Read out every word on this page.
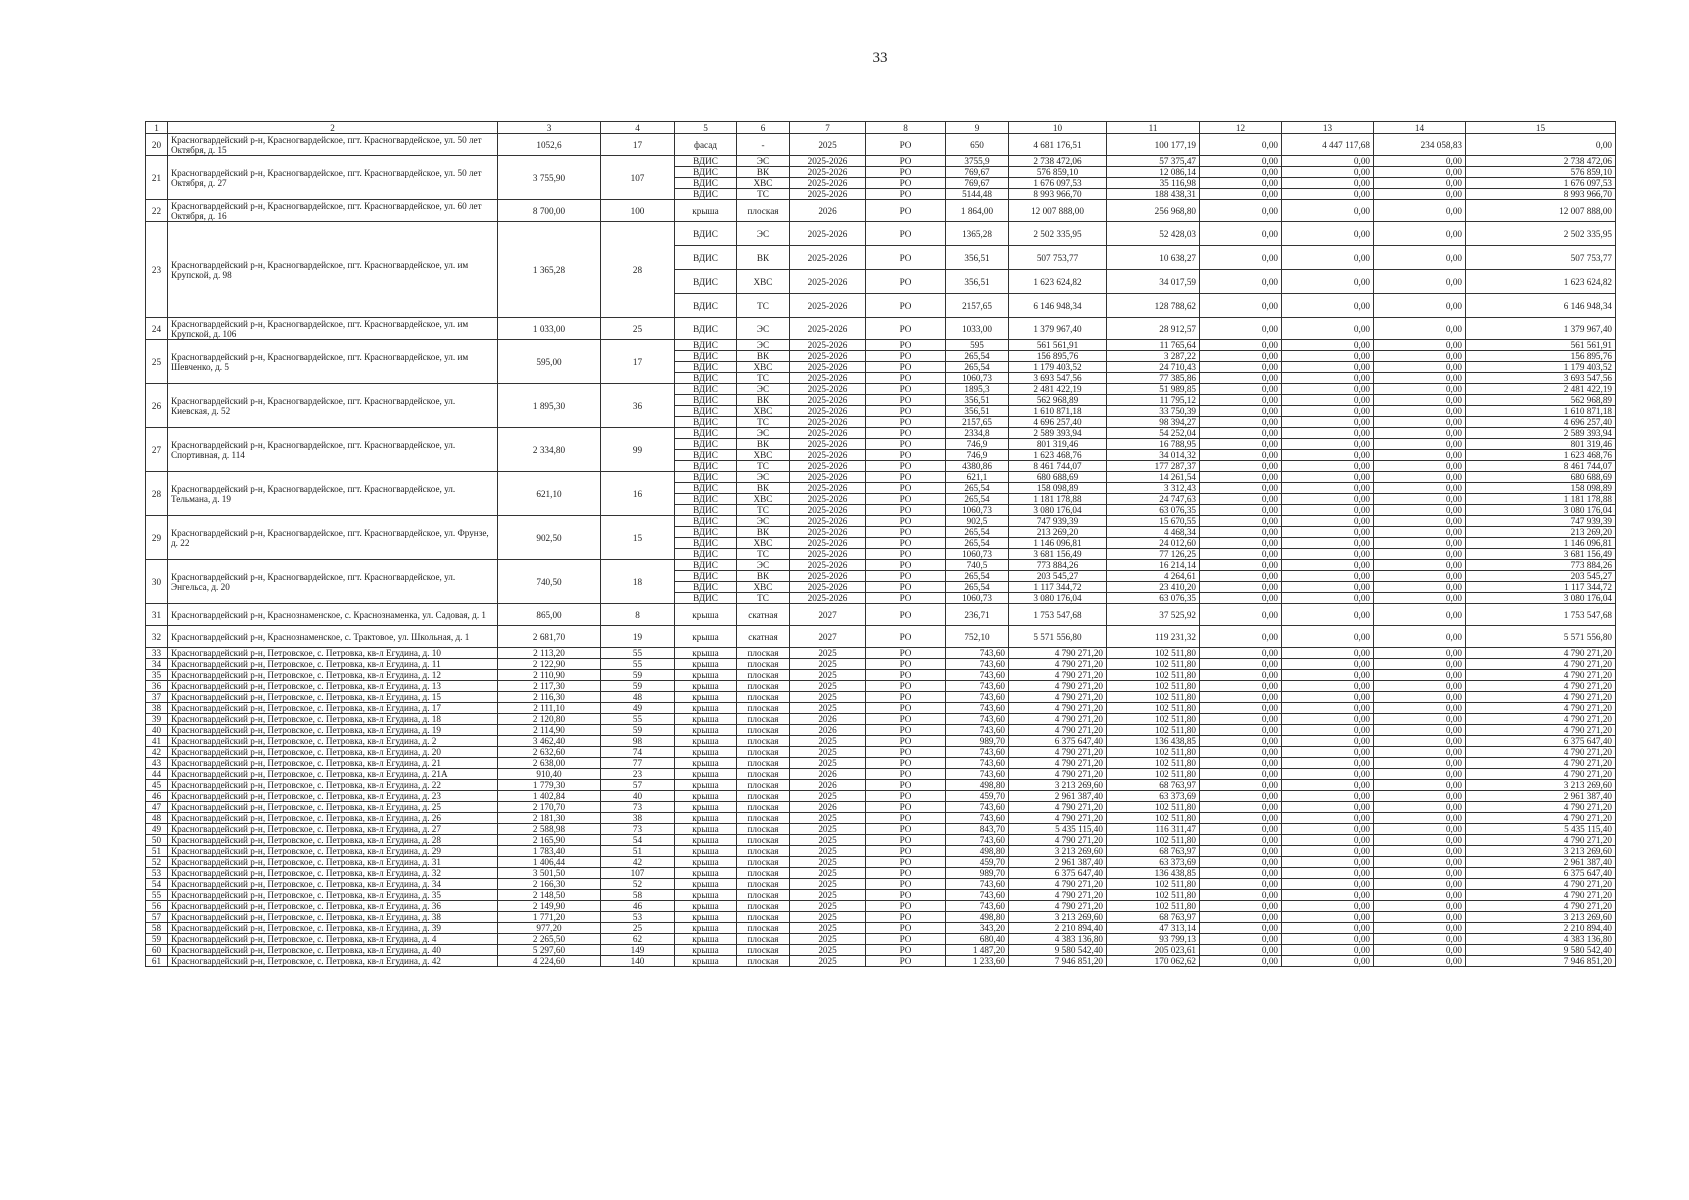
33
1	2	3	4	5	6	7	8	9	10	11	12	13	14	15
20	Красногвардейский р-н, Красногвардейское, пгт. Красногвардейское, ул. 50 лет Октября, д. 15	1052,6	17	фасад	-	2025	РО	650	4 681 176,51	100 177,19	0,00	4 447 117,68	234 058,83	0,00
21	Красногвардейский р-н, Красногвардейское, пгт. Красногвардейское, ул. 50 лет Октября, д. 27	3 755,90	107	ВДИС	ЭС	2025-2026	РО	3755,9	2 738 472,06	57 375,47	0,00	0,00	0,00	2 738 472,06
				ВДИС	ВК	2025-2026	РО	769,67	576 859,10	12 086,14	0,00	0,00	0,00	576 859,10
				ВДИС	ХВС	2025-2026	РО	769,67	1 676 097,53	35 116,98	0,00	0,00	0,00	1 676 097,53
				ВДИС	ТС	2025-2026	РО	5144,48	8 993 966,70	188 438,31	0,00	0,00	0,00	8 993 966,70
22	Красногвардейский р-н, Красногвардейское, пгт. Красногвардейское, ул. 60 лет Октября, д. 16	8 700,00	100	крыша	плоская	2026	РО	1 864,00	12 007 888,00	256 968,80	0,00	0,00	0,00	12 007 888,00
23	Красногвардейский р-н, Красногвардейское, пгт. Красногвардейское, ул. им Крупской, д. 98	1 365,28	28	ВДИС	ЭС	2025-2026	РО	1365,28	2 502 335,95	52 428,03	0,00	0,00	0,00	2 502 335,95
				ВДИС	ВК	2025-2026	РО	356,51	507 753,77	10 638,27	0,00	0,00	0,00	507 753,77
				ВДИС	ХВС	2025-2026	РО	356,51	1 623 624,82	34 017,59	0,00	0,00	0,00	1 623 624,82
				ВДИС	ТС	2025-2026	РО	2157,65	6 146 948,34	128 788,62	0,00	0,00	0,00	6 146 948,34
24	Красногвардейский р-н, Красногвардейское, пгт. Красногвардейское, ул. им Крупской, д. 106	1 033,00	25	ВДИС	ЭС	2025-2026	РО	1033,00	1 379 967,40	28 912,57	0,00	0,00	0,00	1 379 967,40
25	Красногвардейский р-н, Красногвардейское, пгт. Красногвардейское, ул. им Шевченко, д. 5	595,00	17	ВДИС	ЭС	2025-2026	РО	595	561 561,91	11 765,64	0,00	0,00	0,00	561 561,91
				ВДИС	ВК	2025-2026	РО	265,54	156 895,76	3 287,22	0,00	0,00	0,00	156 895,76
				ВДИС	ХВС	2025-2026	РО	265,54	1 179 403,52	24 710,43	0,00	0,00	0,00	1 179 403,52
				ВДИС	ТС	2025-2026	РО	1060,73	3 693 547,56	77 385,86	0,00	0,00	0,00	3 693 547,56
26	Красногвардейский р-н, Красногвардейское, пгт. Красногвардейское, ул. Киевская, д. 52	1 895,30	36	ВДИС	ЭС	2025-2026	РО	1895,3	2 481 422,19	51 989,85	0,00	0,00	0,00	2 481 422,19
				ВДИС	ВК	2025-2026	РО	356,51	562 968,89	11 795,12	0,00	0,00	0,00	562 968,89
				ВДИС	ХВС	2025-2026	РО	356,51	1 610 871,18	33 750,39	0,00	0,00	0,00	1 610 871,18
				ВДИС	ТС	2025-2026	РО	2157,65	4 696 257,40	98 394,27	0,00	0,00	0,00	4 696 257,40
27	Красногвардейский р-н, Красногвардейское, пгт. Красногвардейское, ул. Спортивная, д. 114	2 334,80	99	ВДИС	ЭС	2025-2026	РО	2334,8	2 589 393,94	54 252,04	0,00	0,00	0,00	2 589 393,94
				ВДИС	ВК	2025-2026	РО	746,9	801 319,46	16 788,95	0,00	0,00	0,00	801 319,46
				ВДИС	ХВС	2025-2026	РО	746,9	1 623 468,76	34 014,32	0,00	0,00	0,00	1 623 468,76
				ВДИС	ТС	2025-2026	РО	4380,86	8 461 744,07	177 287,37	0,00	0,00	0,00	8 461 744,07
28	Красногвардейский р-н, Красногвардейское, пгт. Красногвардейское, ул. Тельмана, д. 19	621,10	16	ВДИС	ЭС	2025-2026	РО	621,1	680 688,69	14 261,54	0,00	0,00	0,00	680 688,69
				ВДИС	ВК	2025-2026	РО	265,54	158 098,89	3 312,43	0,00	0,00	0,00	158 098,89
				ВДИС	ХВС	2025-2026	РО	265,54	1 181 178,88	24 747,63	0,00	0,00	0,00	1 181 178,88
				ВДИС	ТС	2025-2026	РО	1060,73	3 080 176,04	63 076,35	0,00	0,00	0,00	3 080 176,04
29	Красногвардейский р-н, Красногвардейское, пгт. Красногвардейское, ул. Фрунзе, д. 22	902,50	15	ВДИС	ЭС	2025-2026	РО	902,5	747 939,39	15 670,55	0,00	0,00	0,00	747 939,39
				ВДИС	ВК	2025-2026	РО	265,54	213 269,20	4 468,34	0,00	0,00	0,00	213 269,20
				ВДИС	ХВС	2025-2026	РО	265,54	1 146 096,81	24 012,60	0,00	0,00	0,00	1 146 096,81
				ВДИС	ТС	2025-2026	РО	1060,73	3 681 156,49	77 126,25	0,00	0,00	0,00	3 681 156,49
30	Красногвардейский р-н, Красногвардейское, пгт. Красногвардейское, ул. Энгельса, д. 20	740,50	18	ВДИС	ЭС	2025-2026	РО	740,5	773 884,26	16 214,14	0,00	0,00	0,00	773 884,26
				ВДИС	ВК	2025-2026	РО	265,54	203 545,27	4 264,61	0,00	0,00	0,00	203 545,27
				ВДИС	ХВС	2025-2026	РО	265,54	1 117 344,72	23 410,20	0,00	0,00	0,00	1 117 344,72
				ВДИС	ТС	2025-2026	РО	1060,73	3 080 176,04	63 076,35	0,00	0,00	0,00	3 080 176,04
31	Красногвардейский р-н, Краснознаменское, с. Краснознаменка, ул. Садовая, д. 1	865,00	8	крыша	скатная	2027	РО	236,71	1 753 547,68	37 525,92	0,00	0,00	0,00	1 753 547,68
32	Красногвардейский р-н, Краснознаменское, с. Трактовое, ул. Школьная, д. 1	2 681,70	19	крыша	скатная	2027	РО	752,10	5 571 556,80	119 231,32	0,00	0,00	0,00	5 571 556,80
33	Красногвардейский р-н, Петровское, с. Петровка, кв-л Егудина, д. 10	2 113,20	55	крыша	плоская	2025	РО	743,60	4 790 271,20	102 511,80	0,00	0,00	0,00	4 790 271,20
34	Красногвардейский р-н, Петровское, с. Петровка, кв-л Егудина, д. 11	2 122,90	55	крыша	плоская	2025	РО	743,60	4 790 271,20	102 511,80	0,00	0,00	0,00	4 790 271,20
35	Красногвардейский р-н, Петровское, с. Петровка, кв-л Егудина, д. 12	2 110,90	59	крыша	плоская	2025	РО	743,60	4 790 271,20	102 511,80	0,00	0,00	0,00	4 790 271,20
36	Красногвардейский р-н, Петровское, с. Петровка, кв-л Егудина, д. 13	2 117,30	59	крыша	плоская	2025	РО	743,60	4 790 271,20	102 511,80	0,00	0,00	0,00	4 790 271,20
37	Красногвардейский р-н, Петровское, с. Петровка, кв-л Егудина, д. 15	2 116,30	48	крыша	плоская	2025	РО	743,60	4 790 271,20	102 511,80	0,00	0,00	0,00	4 790 271,20
38	Красногвардейский р-н, Петровское, с. Петровка, кв-л Егудина, д. 17	2 111,10	49	крыша	плоская	2025	РО	743,60	4 790 271,20	102 511,80	0,00	0,00	0,00	4 790 271,20
39	Красногвардейский р-н, Петровское, с. Петровка, кв-л Егудина, д. 18	2 120,80	55	крыша	плоская	2026	РО	743,60	4 790 271,20	102 511,80	0,00	0,00	0,00	4 790 271,20
40	Красногвардейский р-н, Петровское, с. Петровка, кв-л Егудина, д. 19	2 114,90	59	крыша	плоская	2026	РО	743,60	4 790 271,20	102 511,80	0,00	0,00	0,00	4 790 271,20
41	Красногвардейский р-н, Петровское, с. Петровка, кв-л Егудина, д. 2	3 462,40	98	крыша	плоская	2025	РО	989,70	6 375 647,40	136 438,85	0,00	0,00	0,00	6 375 647,40
42	Красногвардейский р-н, Петровское, с. Петровка, кв-л Егудина, д. 20	2 632,60	74	крыша	плоская	2025	РО	743,60	4 790 271,20	102 511,80	0,00	0,00	0,00	4 790 271,20
43	Красногвардейский р-н, Петровское, с. Петровка, кв-л Егудина, д. 21	2 638,00	77	крыша	плоская	2025	РО	743,60	4 790 271,20	102 511,80	0,00	0,00	0,00	4 790 271,20
44	Красногвардейский р-н, Петровское, с. Петровка, кв-л Егудина, д. 21А	910,40	23	крыша	плоская	2026	РО	743,60	4 790 271,20	102 511,80	0,00	0,00	0,00	4 790 271,20
45	Красногвардейский р-н, Петровское, с. Петровка, кв-л Егудина, д. 22	1 779,30	57	крыша	плоская	2026	РО	498,80	3 213 269,60	68 763,97	0,00	0,00	0,00	3 213 269,60
46	Красногвардейский р-н, Петровское, с. Петровка, кв-л Егудина, д. 23	1 402,84	40	крыша	плоская	2025	РО	459,70	2 961 387,40	63 373,69	0,00	0,00	0,00	2 961 387,40
47	Красногвардейский р-н, Петровское, с. Петровка, кв-л Егудина, д. 25	2 170,70	73	крыша	плоская	2026	РО	743,60	4 790 271,20	102 511,80	0,00	0,00	0,00	4 790 271,20
48	Красногвардейский р-н, Петровское, с. Петровка, кв-л Егудина, д. 26	2 181,30	38	крыша	плоская	2025	РО	743,60	4 790 271,20	102 511,80	0,00	0,00	0,00	4 790 271,20
49	Красногвардейский р-н, Петровское, с. Петровка, кв-л Егудина, д. 27	2 588,98	73	крыша	плоская	2025	РО	843,70	5 435 115,40	116 311,47	0,00	0,00	0,00	5 435 115,40
50	Красногвардейский р-н, Петровское, с. Петровка, кв-л Егудина, д. 28	2 165,90	54	крыша	плоская	2025	РО	743,60	4 790 271,20	102 511,80	0,00	0,00	0,00	4 790 271,20
51	Красногвардейский р-н, Петровское, с. Петровка, кв-л Егудина, д. 29	1 783,40	51	крыша	плоская	2025	РО	498,80	3 213 269,60	68 763,97	0,00	0,00	0,00	3 213 269,60
52	Красногвардейский р-н, Петровское, с. Петровка, кв-л Егудина, д. 31	1 406,44	42	крыша	плоская	2025	РО	459,70	2 961 387,40	63 373,69	0,00	0,00	0,00	2 961 387,40
53	Красногвардейский р-н, Петровское, с. Петровка, кв-л Егудина, д. 32	3 501,50	107	крыша	плоская	2025	РО	989,70	6 375 647,40	136 438,85	0,00	0,00	0,00	6 375 647,40
54	Красногвардейский р-н, Петровское, с. Петровка, кв-л Егудина, д. 34	2 166,30	52	крыша	плоская	2025	РО	743,60	4 790 271,20	102 511,80	0,00	0,00	0,00	4 790 271,20
55	Красногвардейский р-н, Петровское, с. Петровка, кв-л Егудина, д. 35	2 148,50	58	крыша	плоская	2025	РО	743,60	4 790 271,20	102 511,80	0,00	0,00	0,00	4 790 271,20
56	Красногвардейский р-н, Петровское, с. Петровка, кв-л Егудина, д. 36	2 149,90	46	крыша	плоская	2025	РО	743,60	4 790 271,20	102 511,80	0,00	0,00	0,00	4 790 271,20
57	Красногвардейский р-н, Петровское, с. Петровка, кв-л Егудина, д. 38	1 771,20	53	крыша	плоская	2025	РО	498,80	3 213 269,60	68 763,97	0,00	0,00	0,00	3 213 269,60
58	Красногвардейский р-н, Петровское, с. Петровка, кв-л Егудина, д. 39	977,20	25	крыша	плоская	2025	РО	343,20	2 210 894,40	47 313,14	0,00	0,00	0,00	2 210 894,40
59	Красногвардейский р-н, Петровское, с. Петровка, кв-л Егудина, д. 4	2 265,50	62	крыша	плоская	2025	РО	680,40	4 383 136,80	93 799,13	0,00	0,00	0,00	4 383 136,80
60	Красногвардейский р-н, Петровское, с. Петровка, кв-л Егудина, д. 40	5 297,60	149	крыша	плоская	2025	РО	1 487,20	9 580 542,40	205 023,61	0,00	0,00	0,00	9 580 542,40
61	Красногвардейский р-н, Петровское, с. Петровка, кв-л Егудина, д. 42	4 224,60	140	крыша	плоская	2025	РО	1 233,60	7 946 851,20	170 062,62	0,00	0,00	0,00	7 946 851,20
